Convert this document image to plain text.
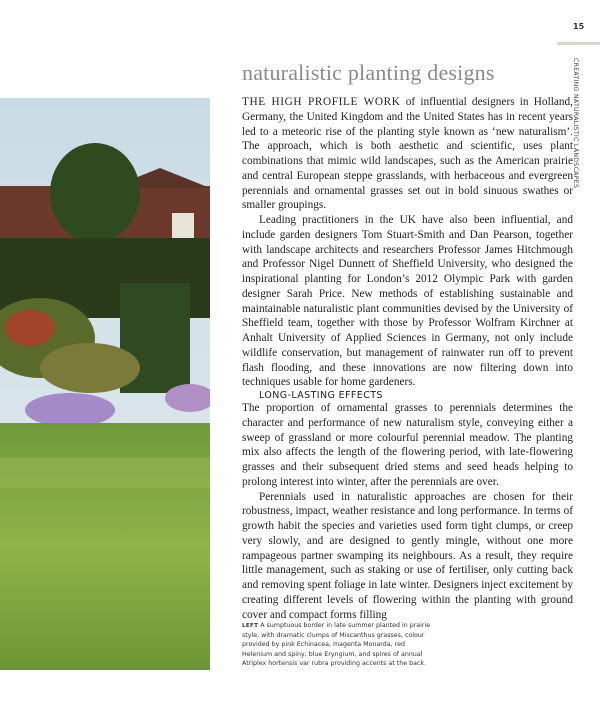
15
CREATING NATURALISTIC LANDSCAPES
naturalistic planting designs

THE HIGH PROFILE WORK of influential designers in Holland, Germany, the United Kingdom and the United States has in recent years led to a meteoric rise of the planting style known as ‘new naturalism’. The approach, which is both aesthetic and scientific, uses plant combinations that mimic wild landscapes, such as the American prairie and central European steppe grasslands, with herbaceous and evergreen perennials and ornamental grasses set out in bold sinuous swathes or smaller groupings.

Leading practitioners in the UK have also been influential, and include garden designers Tom Stuart-Smith and Dan Pearson, together with landscape architects and researchers Professor James Hitchmough and Professor Nigel Dunnett of Sheffield University, who designed the inspirational planting for London’s 2012 Olympic Park with garden designer Sarah Price. New methods of establishing sustainable and maintainable naturalistic plant communities devised by the University of Sheffield team, together with those by Professor Wolfram Kirchner at Anhalt University of Applied Sciences in Germany, not only include wildlife conservation, but management of rainwater run off to prevent flash flooding, and these innovations are now filtering down into techniques usable for home gardeners.

LONG-LASTING EFFECTS

The proportion of ornamental grasses to perennials determines the character and performance of new naturalism style, conveying either a sweep of grassland or more colourful perennial meadow. The planting mix also affects the length of the flowering period, with late-flowering grasses and their subsequent dried stems and seed heads helping to prolong interest into winter, after the perennials are over.

Perennials used in naturalistic approaches are chosen for their robustness, impact, weather resistance and long performance. In terms of growth habit the species and varieties used form tight clumps, or creep very slowly, and are designed to gently mingle, without one more rampageous partner swamping its neighbours. As a result, they require little management, such as staking or use of fertiliser, only cutting back and removing spent foliage in late winter. Designers inject excitement by creating different levels of flowering within the planting with ground cover and compact forms filling

LEFT A sumptuous border in late summer planted in prairie style, with dramatic clumps of Miscanthus grasses, colour provided by pink Echinacea, magenta Monarda, red Helenium and spiny, blue Eryngium, and spires of annual Atriplex hortensis var rubra providing accents at the back.
